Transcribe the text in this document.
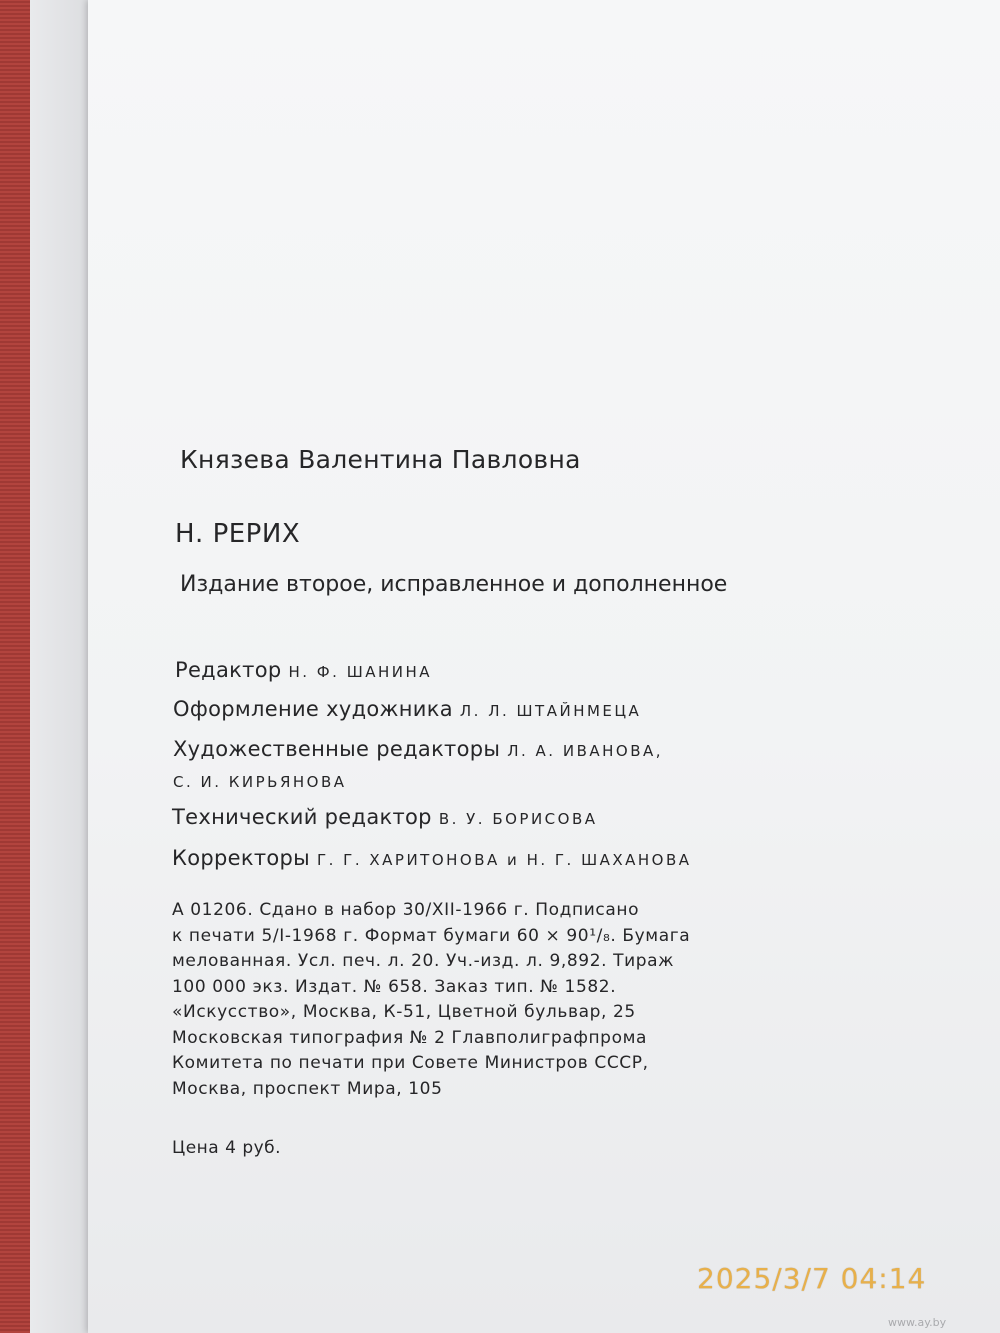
Князева Валентина Павловна
Н. РЕРИХ
Издание второе, исправленное и дополненное
Редактор Н. Ф. ШАНИНА
Оформление художника Л. Л. ШТАЙНМЕЦА
Художественные редакторы Л. А. ИВАНОВА,
С. И. КИРЬЯНОВА
Технический редактор В. У. БОРИСОВА
Корректоры Г. Г. ХАРИТОНОВА и Н. Г. ШАХАНОВА
А 01206. Сдано в набор 30/XII-1966 г. Подписано
к печати 5/I-1968 г. Формат бумаги 60 × 90¹/₈. Бумага
мелованная. Усл. печ. л. 20. Уч.-изд. л. 9,892. Тираж
100 000 экз. Издат. № 658. Заказ тип. № 1582.
«Искусство», Москва, К-51, Цветной бульвар, 25
Московская типография № 2 Главполиграфпрома
Комитета по печати при Совете Министров СССР,
Москва, проспект Мира, 105
Цена 4 руб.
2025/3/7 04:14
www.ay.by
